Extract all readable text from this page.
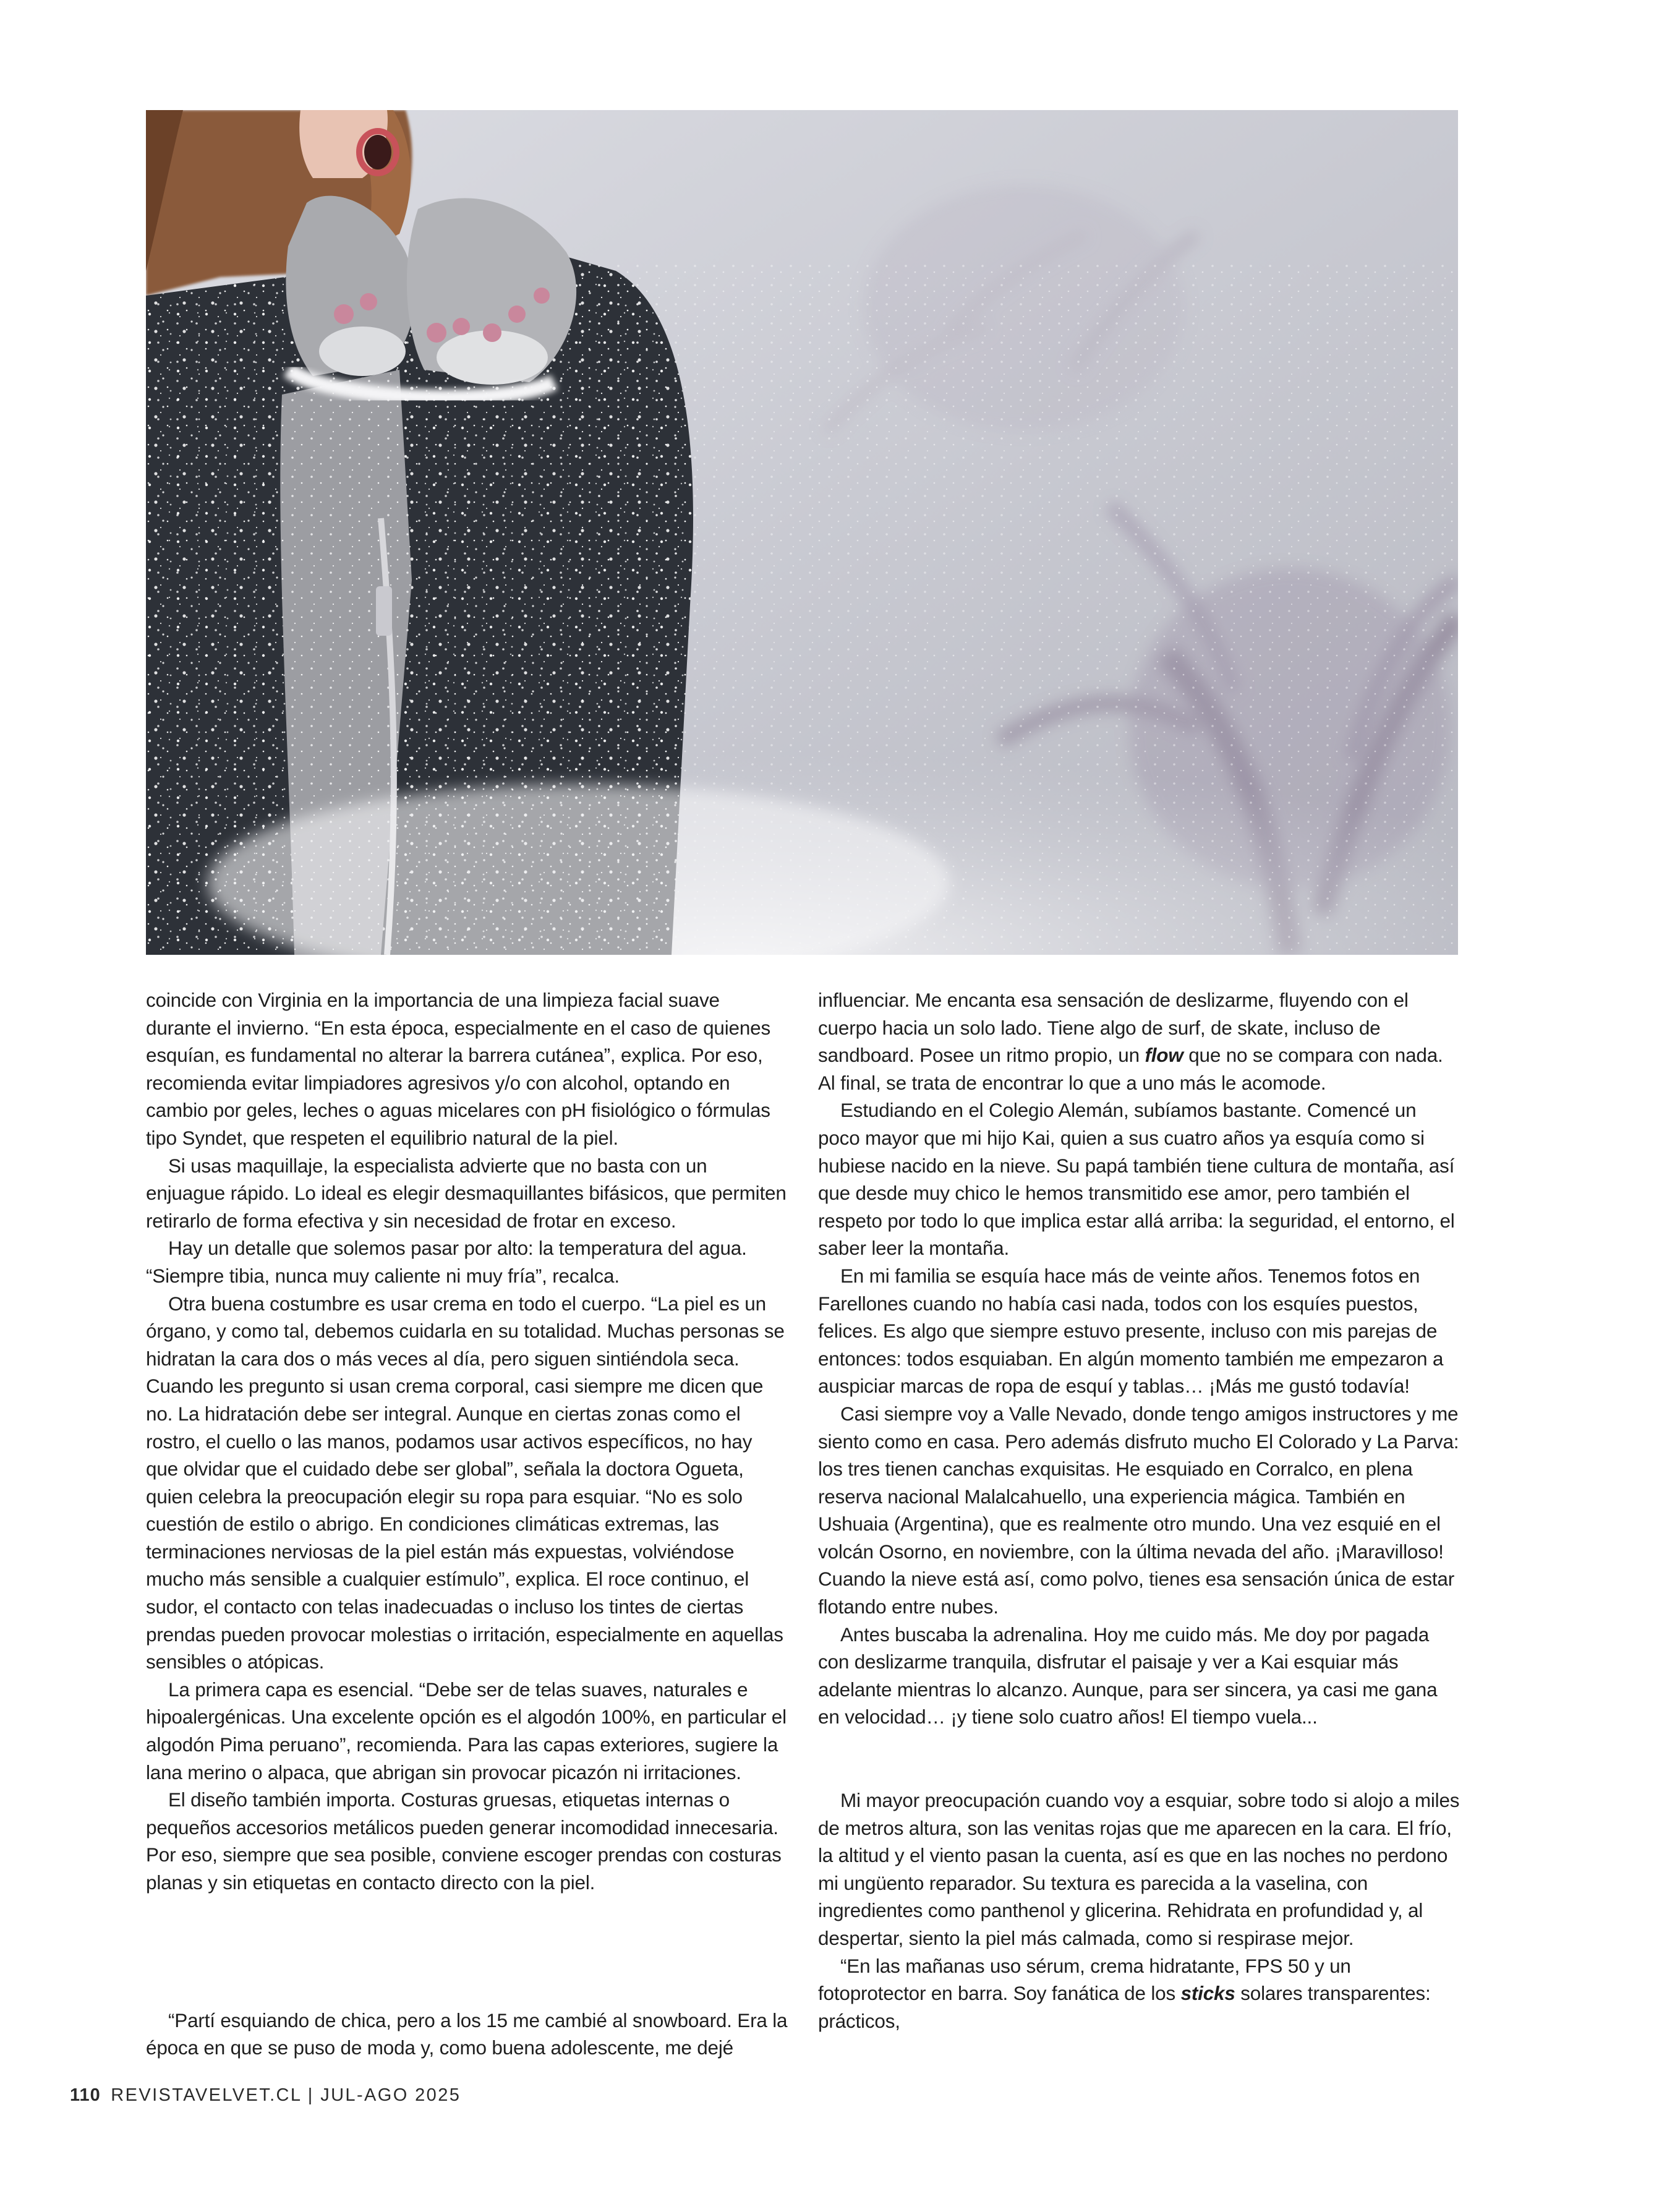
coincide con Virginia en la importancia de una limpieza facial suave durante el invierno. “En esta época, especialmente en el caso de quienes esquían, es fundamental no alterar la barrera cutánea”, explica. Por eso, recomienda evitar limpiadores agresivos y/o con alcohol, optando en cambio por geles, leches o aguas micelares con pH fisiológico o fórmulas tipo Syndet, que respeten el equilibrio natural de la piel.

Si usas maquillaje, la especialista advierte que no basta con un enjuague rápido. Lo ideal es elegir desmaquillantes bifásicos, que permiten retirarlo de forma efectiva y sin necesidad de frotar en exceso.

Hay un detalle que solemos pasar por alto: la temperatura del agua. “Siempre tibia, nunca muy caliente ni muy fría”, recalca.

Otra buena costumbre es usar crema en todo el cuerpo. “La piel es un órgano, y como tal, debemos cuidarla en su totalidad. Muchas personas se hidratan la cara dos o más veces al día, pero siguen sintiéndola seca. Cuando les pregunto si usan crema corporal, casi siempre me dicen que no. La hidratación debe ser integral. Aunque en ciertas zonas como el rostro, el cuello o las manos, podamos usar activos específicos, no hay que olvidar que el cuidado debe ser global”, señala la doctora Ogueta, quien celebra la preocupación elegir su ropa para esquiar. “No es solo cuestión de estilo o abrigo. En condiciones climáticas extremas, las terminaciones nerviosas de la piel están más expuestas, volviéndose mucho más sensible a cualquier estímulo”, explica. El roce continuo, el sudor, el contacto con telas inadecuadas o incluso los tintes de ciertas prendas pueden provocar molestias o irritación, especialmente en aquellas sensibles o atópicas.

La primera capa es esencial. “Debe ser de telas suaves, naturales e hipoalergénicas. Una excelente opción es el algodón 100%, en particular el algodón Pima peruano”, recomienda. Para las capas exteriores, sugiere la lana merino o alpaca, que abrigan sin provocar picazón ni irritaciones.

El diseño también importa. Costuras gruesas, etiquetas internas o pequeños accesorios metálicos pueden generar incomodidad innecesaria. Por eso, siempre que sea posible, conviene escoger prendas con costuras planas y sin etiquetas en contacto directo con la piel.

“Partí esquiando de chica, pero a los 15 me cambié al snowboard. Era la época en que se puso de moda y, como buena adolescente, me dejé

influenciar. Me encanta esa sensación de deslizarme, fluyendo con el cuerpo hacia un solo lado. Tiene algo de surf, de skate, incluso de sandboard. Posee un ritmo propio, un flow que no se compara con nada. Al final, se trata de encontrar lo que a uno más le acomode.

Estudiando en el Colegio Alemán, subíamos bastante. Comencé un poco mayor que mi hijo Kai, quien a sus cuatro años ya esquía como si hubiese nacido en la nieve. Su papá también tiene cultura de montaña, así que desde muy chico le hemos transmitido ese amor, pero también el respeto por todo lo que implica estar allá arriba: la seguridad, el entorno, el saber leer la montaña.

En mi familia se esquía hace más de veinte años. Tenemos fotos en Farellones cuando no había casi nada, todos con los esquíes puestos, felices. Es algo que siempre estuvo presente, incluso con mis parejas de entonces: todos esquiaban. En algún momento también me empezaron a auspiciar marcas de ropa de esquí y tablas… ¡Más me gustó todavía!

Casi siempre voy a Valle Nevado, donde tengo amigos instructores y me siento como en casa. Pero además disfruto mucho El Colorado y La Parva: los tres tienen canchas exquisitas. He esquiado en Corralco, en plena reserva nacional Malalcahuello, una experiencia mágica. También en Ushuaia (Argentina), que es realmente otro mundo. Una vez esquié en el volcán Osorno, en noviembre, con la última nevada del año. ¡Maravilloso! Cuando la nieve está así, como polvo, tienes esa sensación única de estar flotando entre nubes.

Antes buscaba la adrenalina. Hoy me cuido más. Me doy por pagada con deslizarme tranquila, disfrutar el paisaje y ver a Kai esquiar más adelante mientras lo alcanzo. Aunque, para ser sincera, ya casi me gana en velocidad… ¡y tiene solo cuatro años! El tiempo vuela...

Mi mayor preocupación cuando voy a esquiar, sobre todo si alojo a miles de metros altura, son las venitas rojas que me aparecen en la cara. El frío, la altitud y el viento pasan la cuenta, así es que en las noches no perdono mi ungüento reparador. Su textura es parecida a la vaselina, con ingredientes como panthenol y glicerina. Rehidrata en profundidad y, al despertar, siento la piel más calmada, como si respirase mejor.

“En las mañanas uso sérum, crema hidratante, FPS 50 y un fotoprotector en barra. Soy fanática de los sticks solares transparentes: prácticos,

110 REVISTAVELVET.CL | JUL-AGO 2025
